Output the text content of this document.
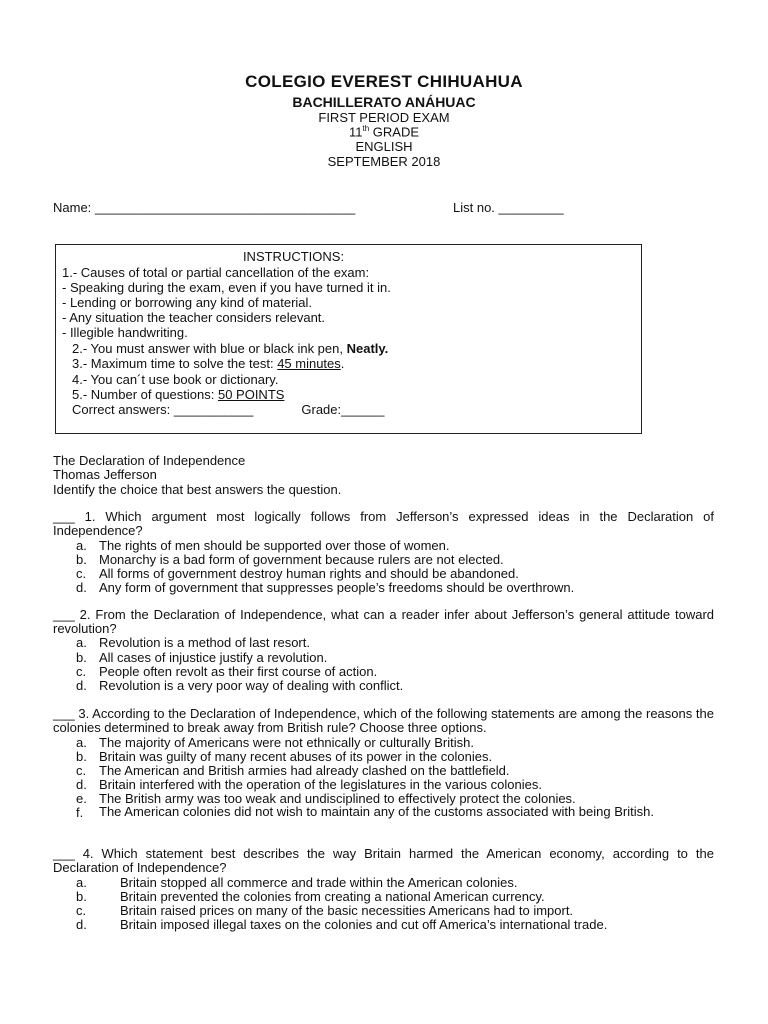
COLEGIO EVEREST CHIHUAHUA
BACHILLERATO ANÁHUAC
FIRST PERIOD EXAM
11th GRADE
ENGLISH
SEPTEMBER 2018
Name: ____________________________________	List no. _________
INSTRUCTIONS:
1.- Causes of total or partial cancellation of the exam:
- Speaking during the exam, even if you have turned it in.
- Lending or borrowing any kind of material.
- Any situation the teacher considers relevant.
- Illegible handwriting.
2.- You must answer with blue or black ink pen, Neatly.
3.- Maximum time to solve the test: 45 minutes.
4.- You can´t use book or dictionary.
5.- Number of questions: 50 POINTS
Correct answers: ___________	Grade:______
The Declaration of Independence
Thomas Jefferson
Identify the choice that best answers the question.
___ 1. Which argument most logically follows from Jefferson’s expressed ideas in the Declaration of Independence?
a. The rights of men should be supported over those of women.
b. Monarchy is a bad form of government because rulers are not elected.
c. All forms of government destroy human rights and should be abandoned.
d. Any form of government that suppresses people’s freedoms should be overthrown.
___ 2. From the Declaration of Independence, what can a reader infer about Jefferson’s general attitude toward revolution?
a. Revolution is a method of last resort.
b. All cases of injustice justify a revolution.
c. People often revolt as their first course of action.
d. Revolution is a very poor way of dealing with conflict.
___ 3. According to the Declaration of Independence, which of the following statements are among the reasons the colonies determined to break away from British rule? Choose three options.
a. The majority of Americans were not ethnically or culturally British.
b. Britain was guilty of many recent abuses of its power in the colonies.
c. The American and British armies had already clashed on the battlefield.
d. Britain interfered with the operation of the legislatures in the various colonies.
e. The British army was too weak and undisciplined to effectively protect the colonies.
f.	The American colonies did not wish to maintain any of the customs associated with being British.
___ 4. Which statement best describes the way Britain harmed the American economy, according to the Declaration of Independence?
a.	Britain stopped all commerce and trade within the American colonies.
b.	Britain prevented the colonies from creating a national American currency.
c.	Britain raised prices on many of the basic necessities Americans had to import.
d.	Britain imposed illegal taxes on the colonies and cut off America’s international trade.
